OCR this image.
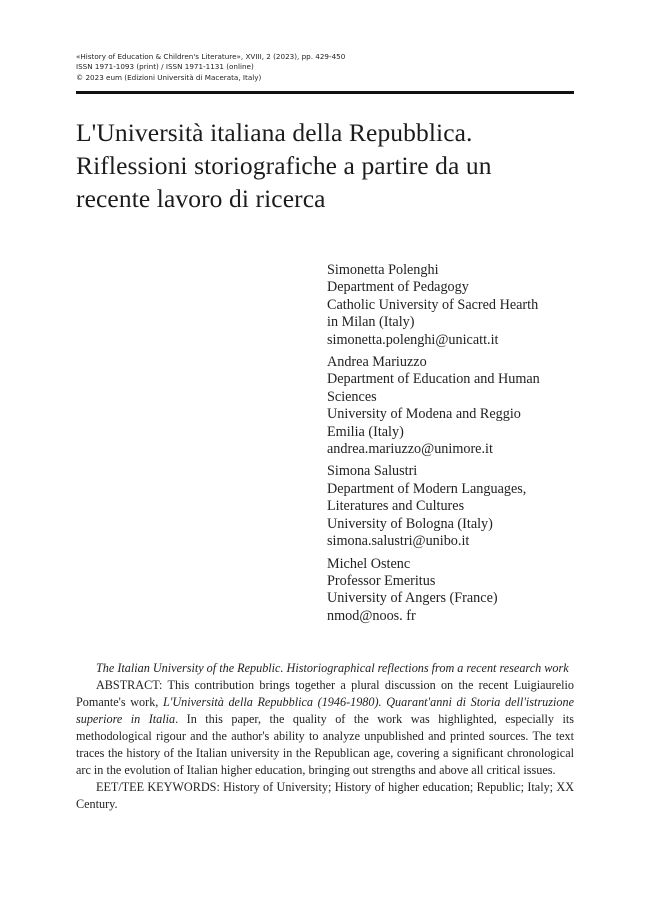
«History of Education & Children's Literature», XVIII, 2 (2023), pp. 429-450
ISSN 1971-1093 (print) / ISSN 1971-1131 (online)
© 2023 eum (Edizioni Università di Macerata, Italy)
L'Università italiana della Repubblica.
Riflessioni storiografiche a partire da un
recente lavoro di ricerca
Simonetta Polenghi
Department of Pedagogy
Catholic University of Sacred Hearth
in Milan (Italy)
simonetta.polenghi@unicatt.it
Andrea Mariuzzo
Department of Education and Human
Sciences
University of Modena and Reggio
Emilia (Italy)
andrea.mariuzzo@unimore.it
Simona Salustri
Department of Modern Languages,
Literatures and Cultures
University of Bologna (Italy)
simona.salustri@unibo.it
Michel Ostenc
Professor Emeritus
University of Angers (France)
nmod@noos. fr

The Italian University of the Republic. Historiographical reflections from a recent research work

ABSTRACT: This contribution brings together a plural discussion on the recent Luigiaurelio Pomante's work, L'Università della Repubblica (1946-1980). Quarant'anni di Storia dell'istruzione superiore in Italia. In this paper, the quality of the work was highlighted, especially its methodological rigour and the author's ability to analyze unpublished and printed sources. The text traces the history of the Italian university in the Republican age, covering a significant chronological arc in the evolution of Italian higher education, bringing out strengths and above all critical issues.

EET/TEE KEYWORDS: History of University; History of higher education; Republic; Italy; XX Century.
